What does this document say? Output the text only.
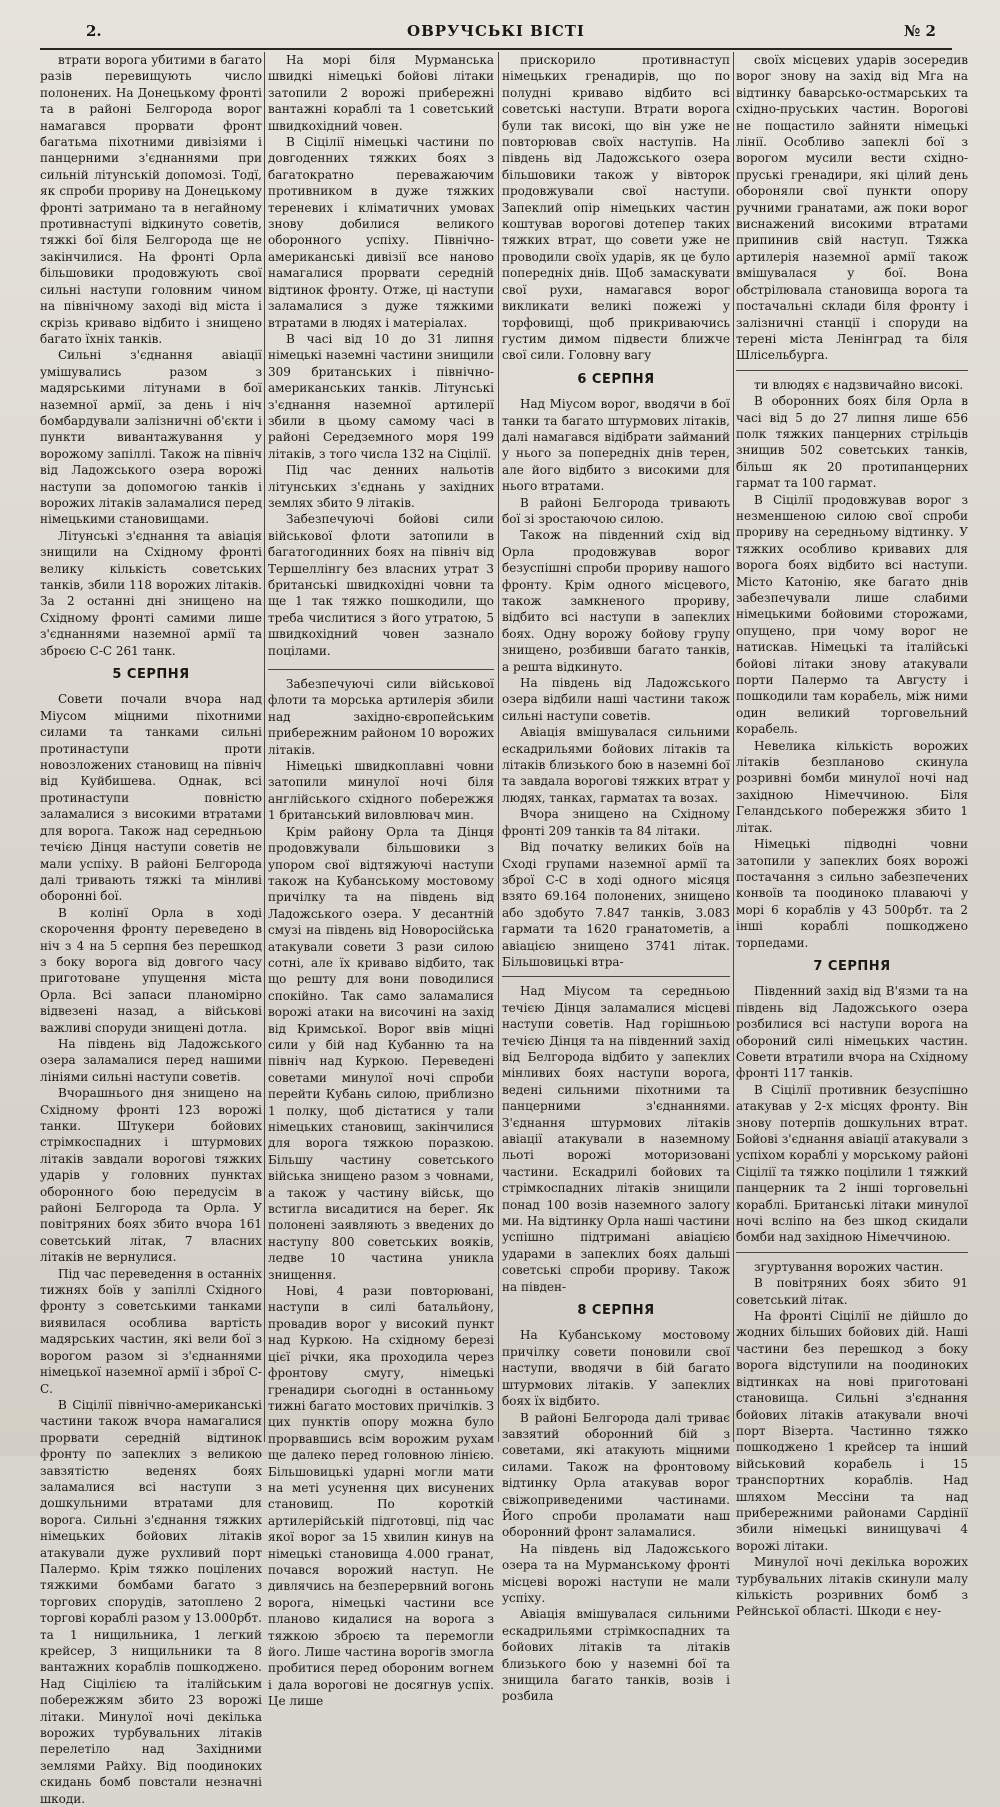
2.	ОВРУЧСЬКІ ВІСТІ	№ 2

втрати ворога убитими в багато разів перевищують число полонених. На Донецькому фронті та в районі Белгорода ворог намагався прорвати фронт багатьма піхотними дивізіями і панцерними з'єднаннями при сильній літунській допомозі. Тодї, як спроби прориву на Донецькому фронті затримано та в негайному противнаступі відкинуто советів, тяжкі бої біля Белгорода ще не закінчилися. На фронті Орла більшовики продовжують свої сильні наступи головним чином на північному заході від міста і скрізь криваво відбито і знищено багато їхніх танків.

Сильні з'єднання авіації умішувались разом з мадярськими літунами в бої наземної армії, за день і ніч бомбардували залізничні об'єкти і пункти вивантажування у ворожому запіллі. Також на північ від Ладожського озера ворожі наступи за допомогою танків і ворожих літаків заламалися перед німецькими становищами.

Літунські з'єднання та авіація знищили на Східному фронті велику кількість советських танків, збили 118 ворожих літаків. За 2 останні дні знищено на Східному фронті самими лише з'єднаннями наземної армії та зброєю С-С 261 танк.

5 СЕРПНЯ

Совети почали вчора над Міусом міцними піхотними силами та танками сильні протинаступи проти новозложених становищ на північ від Куйбишева. Однак, всі протинаступи повністю заламалися з високими втратами для ворога. Також над середньою течією Дінця наступи советів не мали успіху. В районі Белгорода далі тривають тяжкі та мінливі оборонні бої.

В колінї Орла в ході скорочення фронту переведено в ніч з 4 на 5 серпня без перешкод з боку ворога від довгого часу приготоване упущення міста Орла. Всі запаси планомірно відвезені назад, а військові важливі споруди знищені дотла.

На південь від Ладожського озера заламалися перед нашими лініями сильні наступи советів.

Вчорашнього дня знищено на Східному фронті 123 ворожі танки. Штукери бойових стрімкоспадних і штурмових літаків завдали ворогові тяжких ударів у головних пунктах оборонного бою передусім в районі Белгорода та Орла. У повітряних боях збито вчора 161 советський літак, 7 власних літаків не вернулися.

Під час переведення в останніх тижнях боїв у запіллі Східного фронту з советськими танками виявилася особлива вартість мадярських частин, які вели бої з ворогом разом зі з'єднаннями німецької наземної армії і зброї С-С.

В Сіцілії північно-американські частини також вчора намагалися прорвати середній відтинок фронту по запеклих з великою завзятістю веденях боях заламалися всі наступи з дошкульними втратами для ворога. Сильні з'єднання тяжких німецьких бойових літаків атакували дуже рухливий порт Палермо. Крім тяжко поцілених тяжкими бомбами багато з торгових спорудів, затоплено 2 торгові кораблі разом у 13.000рбт. та 1 нищильника, 1 легкий крейсер, 3 нищильники та 8 вантажних кораблів пошкоджено. Над Сіцілією та італійським побережжям збито 23 ворожі літаки. Минулої ночі декілька ворожих турбувальних літаків перелетіло над Західними землями Райху. Від поодиноких скидань бомб повстали незначні шкоди.

На морі біля Мурманська швидкі німецькі бойові літаки затопили 2 ворожі прибережні вантажні кораблі та 1 советський швидкохідний човен.

В Сіцілії німецькі частини по довгоденних тяжких боях з багатократно переважаючим противником в дуже тяжких тереневих і кліматичних умовах знову добилися великого оборонного успіху. Північно-американські дивізії все наново намагалися прорвати середній відтинок фронту. Отже, ці наступи заламалися з дуже тяжкими втратами в людях і матеріалах.

В часі від 10 до 31 липня німецькі наземні частини знищили 309 британських і північно-американських танків. Літунські з'єднання наземної артилерії збили в цьому самому часі в районі Середземного моря 199 літаків, з того числа 132 на Сіцілії.

Під час денних нальотів літунських з'єднань у західних землях збито 9 літаків.

Забезпечуючі бойові сили військової флоти затопили в багатогодинних боях на північ від Тершеллінгу без власних утрат 3 британські швидкохідні човни та ще 1 так тяжко пошкодили, що треба числитися з його утратою, 5 швидкохідний човен зазнало поцілами.

Забезпечуючі сили військової флоти та морська артилерія збили над західно-європейським прибережним районом 10 ворожих літаків.

Німецькі швидкоплавні човни затопили минулої ночі біля англійського східного побережжя 1 британський виловлювач мин.

Крім району Орла та Дінця продовжували більшовики з упором свої відтяжуючі наступи також на Кубанському мостовому причілку та на південь від Ладожського озера. У десантній смузі на південь від Новоросійська атакували совети 3 рази силою сотні, але їх криваво відбито, так що решту для вони поводилися спокійно. Так само заламалися ворожі атаки на височині на захід від Кримської. Ворог ввів міцні сили у бій над Кубанню та на північ над Куркою. Переведені советами минулої ночі спроби перейти Кубань силою, приблизно 1 полку, щоб дістатися у тали німецьких становищ, закінчилися для ворога тяжкою поразкою. Більшу частину советського війська знищено разом з човнами, а також у частину військ, що встигла висадитися на берег. Як полонені заявляють з введених до наступу 800 советських вояків, ледве 10 частина уникла знищення.

Нові, 4 рази повторювані, наступи в силі батальйону, провадив ворог у високий пункт над Куркою. На східному березі цієї річки, яка проходила через фронтову смугу, німецькі гренадири сьогодні в останньому тижні багато мостових причілків. З цих пунктів опору можна було прорвавшись всім ворожим рухам ще далеко перед головною лінією. Більшовицькі ударні могли мати на меті усунення цих висунених становищ. По короткій артилерійській підготовці, під час якої ворог за 15 хвилин кинув на німецькі становища 4.000 гранат, почався ворожий наступ. Не дивлячись на безперервний вогонь ворога, німецькі частини все планово кидалися на ворога з тяжкою зброєю та перемогли його. Лише частина ворогів змогла пробитися перед обороним вогнем і дала ворогові не досягнув успіх. Це лише

прискорило противнаступ німецьких гренадирів, що по полудні криваво відбито всі советські наступи. Втрати ворога були так високі, що він уже не повторював своїх наступів. На південь від Ладожського озера більшовики також у вівторок продовжували свої наступи. Запеклий опір німецьких частин коштував ворогові дотепер таких тяжких втрат, що совети уже не проводили своїх ударів, як це було попередніх днів. Щоб замаскувати свої рухи, намагався ворог викликати великі пожежі у торфовищі, щоб прикриваючись густим димом підвести ближче свої сили. Головну вагу

6 СЕРПНЯ

Над Міусом ворог, вводячи в бої танки та багато штурмових літаків, далі намагався відібрати займаний у нього за попередніх днів терен, але його відбито з високими для нього втратами.

В районі Белгорода тривають бої зі зростаючою силою.

Також на південний схід від Орла продовжував ворог безуспішні спроби прориву нашого фронту. Крім одного місцевого, також замкненого прориву, відбито всі наступи в запеклих боях. Одну ворожу бойову групу знищено, розбивши багато танків, а решта відкинуто.

На південь від Ладожського озера відбили наші частини також сильні наступи советів.

Авіація вмішувалася сильними ескадрильями бойових літаків та літаків близького бою в наземні бої та завдала ворогові тяжких втрат у людях, танках, гарматах та возах.

Вчора знищено на Східному фронті 209 танків та 84 літаки.

Від початку великих боїв на Сході групами наземної армії та зброї С-С в ході одного місяця взято 69.164 полонених, знищено або здобуто 7.847 танків, 3.083 гармати та 1620 гранатометів, а авіацією знищено 3741 літак. Більшовицькі втра-

Над Міусом та середньою течією Дінця заламалися місцеві наступи советів. Над горішньою течією Дінця та на південний захід від Белгорода відбито у запеклих мінливих боях наступи ворога, ведені сильними піхотними та панцерними з'єднаннями. З'єднання штурмових літаків авіації атакували в наземному льоті ворожі моторизовані частини. Ескадрилі бойових та стрімкоспадних літаків знищили понад 100 возів наземного залогу ми. На відтинку Орла наші частини успішно підтримані авіацією ударами в запеклих боях дальші советські спроби прориву. Також на півден-

8 СЕРПНЯ

На Кубанському мостовому причілку совети поновили свої наступи, вводячи в бій багато штурмових літаків. У запеклих боях їх відбито.

В районі Белгорода далі триває завзятий оборонний бій з советами, які атакують міцними силами. Також на фронтовому відтинку Орла атакував ворог свіжоприведеними частинами. Його спроби проламати наш оборонний фронт заламалися.

На південь від Ладожського озера та на Мурманському фронті місцеві ворожі наступи не мали успіху.

Авіація вмішувалася сильними ескадрильями стрімкоспадних та бойових літаків та літаків близького бою у наземні бої та знищила багато танків, возів і розбила

своїх місцевих ударів зосередив ворог знову на захід від Мга на відтинку баварсько-остмарських та східно-пруських частин. Ворогові не пощастило зайняти німецькі лінії. Особливо запеклі бої з ворогом мусили вести східно-пруські гренадири, які цілий день обороняли свої пункти опору ручними гранатами, аж поки ворог виснажений високими втратами припинив свій наступ. Тяжка артилерія наземної армії також вмішувалася у бої. Вона обстрілювала становища ворога та постачальні склади біля фронту і залізничні станції і споруди на терені міста Ленінград та біля Шлісельбурга.

ти влюдях є надзвичайно високі.

В оборонних боях біля Орла в часі від 5 до 27 липня лише 656 полк тяжких панцерних стрільців знищив 502 советських танків, більш як 20 протипанцерних гармат та 100 гармат.

В Сіцілії продовжував ворог з незменшеною силою свої спроби прориву на середньому відтинку. У тяжких особливо кривавих для ворога боях відбито всі наступи. Місто Катонію, яке багато днів забезпечували лише слабими німецькими бойовими сторожами, опущено, при чому ворог не натискав. Німецькі та італійські бойові літаки знову атакували порти Палермо та Августу і пошкодили там корабель, між ними один великий торговельний корабель.

Невелика кількість ворожих літаків безпланово скинула розривні бомби минулої ночі над західною Німеччиною. Біля Геландського побережжя збито 1 літак.

Німецькі підводні човни затопили у запеклих боях ворожі постачання з сильно забезпечених конвоїв та поодиноко плаваючі у морі 6 кораблів у 43 500рбт. та 2 інші кораблі пошкоджено торпедами.

7 СЕРПНЯ

Південний захід від В'язми та на південь від Ладожського озера розбилися всі наступи ворога на обороний силі німецьких частин. Совети втратили вчора на Східному фронті 117 танків.

В Сіцілії противник безуспішно атакував у 2-х місцях фронту. Він знову потерпів дошкульних втрат. Бойові з'єднання авіації атакували з успіхом кораблі у морському районі Сіцілії та тяжко поцілили 1 тяжкий панцерник та 2 інші торговельні кораблі. Британські літаки минулої ночі всліпо на без шкод скидали бомби над західною Німеччиною.

згуртування ворожих частин.

В повітряних боях збито 91 советський літак.

На фронті Сіцілії не дійшло до жодних більших бойових дій. Наші частини без перешкод з боку ворога відступили на поодиноких відтинках на нові приготовані становища. Сильні з'єднання бойових літаків атакували вночі порт Візерта. Частинно тяжко пошкоджено 1 крейсер та інший військовий корабель і 15 транспортних кораблів. Над шляхом Мессіни та над прибережними районами Сардінії збили німецькі винищувачі 4 ворожі літаки.

Минулої ночі декілька ворожих турбувальних літаків скинули малу кількість розривних бомб з Рейнської області. Шкоди є неу-
